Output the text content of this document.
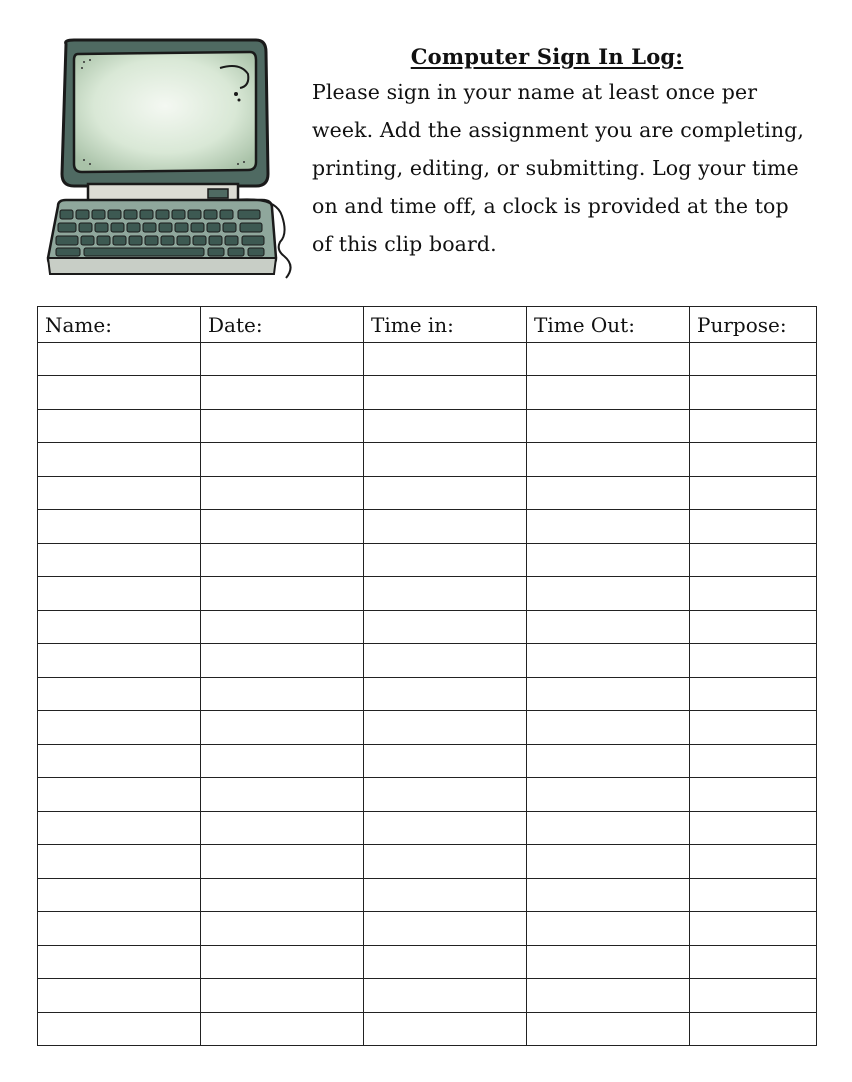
Computer Sign In Log:

Please sign in your name at least once per week. Add the assignment you are completing, printing, editing, or submitting. Log your time on and time off, a clock is provided at the top of this clip board.

Name:	Date:	Time in:	Time Out:	Purpose:
